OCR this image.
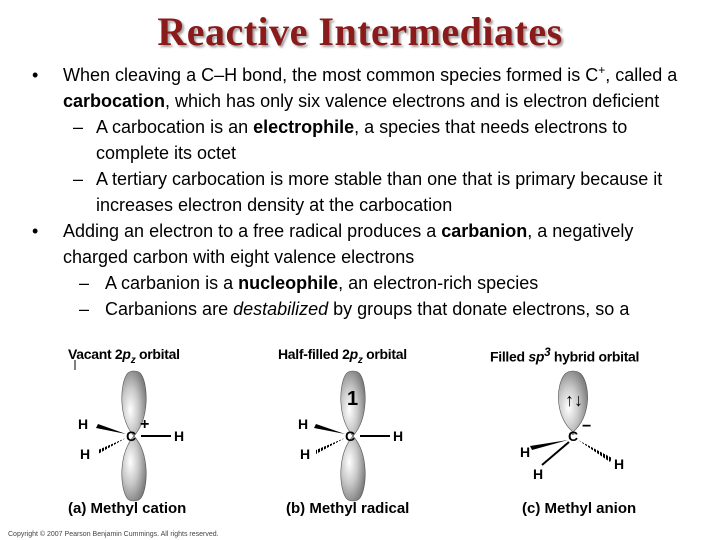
Reactive Intermediates
• When cleaving a C–H bond, the most common species formed is C+, called a carbocation, which has only six valence electrons and is electron deficient
– A carbocation is an electrophile, a species that needs electrons to complete its octet
– A tertiary carbocation is more stable than one that is primary because it increases electron density at the carbocation
• Adding an electron to a free radical produces a carbanion, a negatively charged carbon with eight valence electrons
– A carbanion is a nucleophile, an electron-rich species
– Carbanions are destabilized by groups that donate electrons, so a
Vacant $2p_z$ orbital	Half-filled $2p_z$ orbital	Filled $sp^3$ hybrid orbital
H
C
+
H
H
1
H
C	H
H
↑↓
C
−
H
H
H
(a) Methyl cation	(b) Methyl radical	(c) Methyl anion
Copyright © 2007 Pearson Benjamin Cummings. All rights reserved.
